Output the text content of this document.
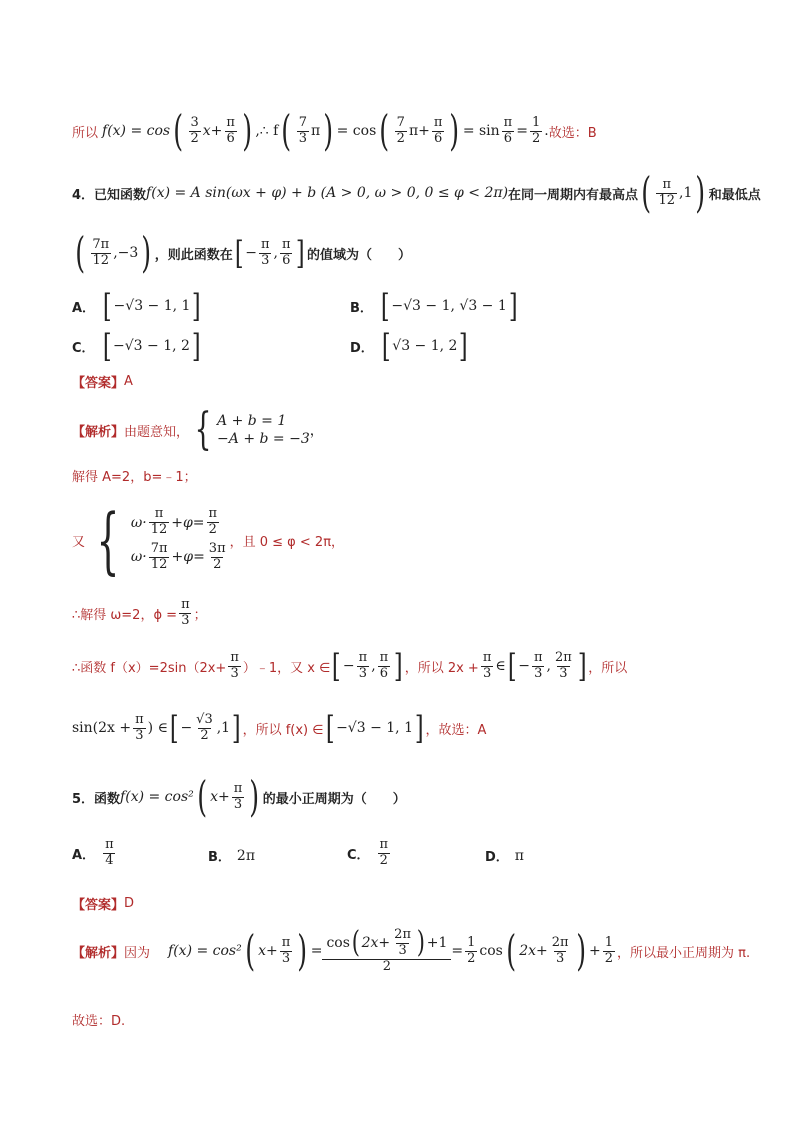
所以 f(x) = cos ( $\frac{3}{2} x+ \frac{\pi}{6}$ ) ,∴ f ( $\frac{7}{3}$ π ) = cos ( $\frac{7}{2} \pi+ \frac{\pi}{6}$ ) = $\sin \frac{\pi}{6} = \frac{1}{2}$ . 故选：B
4．已知函数 f(x) = A sin(ωx + φ) + b (A > 0, ω > 0, 0 ≤ φ < 2π) 在同一周期内有最高点 ( $\frac{\pi}{12} ,1$ ) 和最低点
( $\frac{7\pi}{12} ,-3$ ) ，则此函数在 [ − $\frac{\pi}{3}$ , $\frac{\pi}{6}$ ] 的值域为（　　）
A． [ −√3 − 1, 1 ]	B． [ −√3 − 1, √3 − 1 ]
C． [ −√3 − 1, 2 ]	D． [ √3 − 1, 2 ]
【答案】 A
【解析】 由题意知， { A + b = 1
−A + b = −3 ，
解得 A=2，b=﹣1；
又 { $\omega\cdot \frac{\pi}{12} +\varphi= \frac{\pi}{2}$
$\omega\cdot \frac{7\pi}{12} +\varphi= \frac{3\pi}{2}$ ，且 0 ≤ φ < 2π，
∴解得 ω=2，$\phi = \frac{\pi}{3}$ ；
∴函数 $f(x)=2\sin(2x+ \frac{\pi}{3}$ ）﹣1，又 x ∈ [ − $\frac{\pi}{3}$ , $\frac{\pi}{6}$ ] ，所以 $2x + \frac{\pi}{3}$ ∈ [ − $\frac{\pi}{3}$ , $\frac{2\pi}{3}$ ] ，所以
$\sin(2x + \frac{\pi}{3}$ ) ∈ [ − $\frac{√3}{2} ,1$ ] ，所以 f(x) ∈ [ −√3 − 1, 1 ] ，故选：A
5．函数 f(x) = cos² ( $x+ \frac{\pi}{3}$ ) 的最小正周期为（　　）
A． $\frac{\pi}{4}$	B． 2π	C． $\frac{\pi}{2}$	D． π
【答案】 D
【解析】 因为 f(x) = cos² ( $x+ \frac{\pi}{3}$ ) = $\frac{\cos ( 2x+ \frac{2\pi}{3} ) +1}{2} = \frac{1}{2}$ cos ( $2x+ \frac{2\pi}{3}$ ) + $\frac{1}{2}$ ，所以最小正周期为 π.
故选：D.
